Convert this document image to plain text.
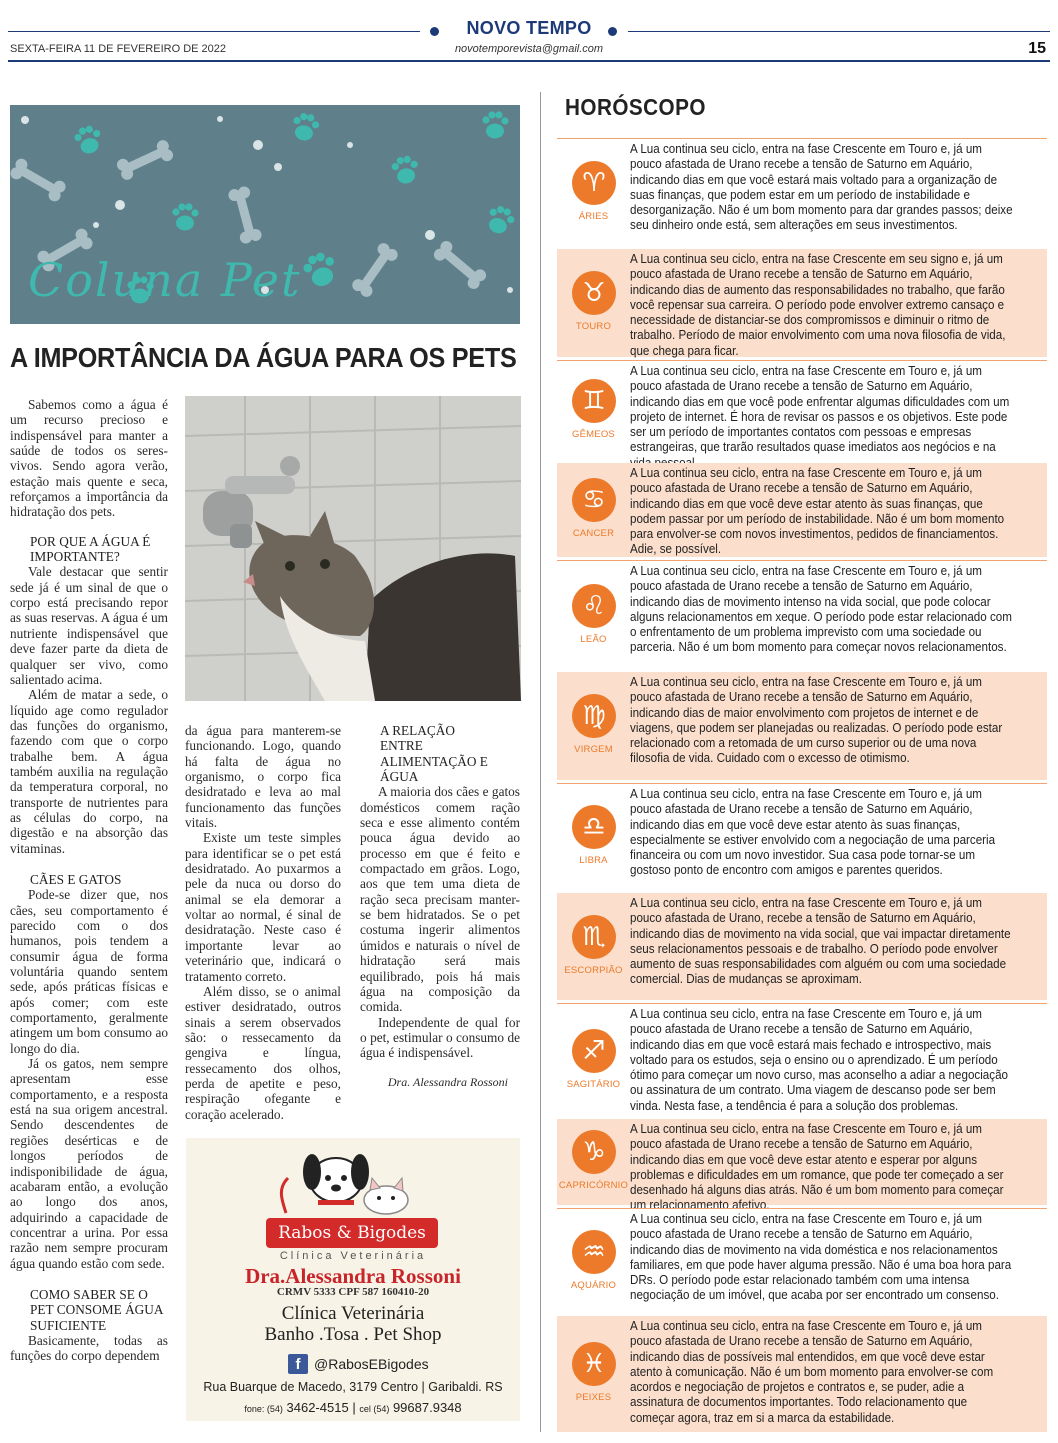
NOVO TEMPO
SEXTA-FEIRA 11 DE FEVEREIRO DE 2022	novotemporevista@gmail.com	15
Coluna Pet
A IMPORTÂNCIA DA ÁGUA PARA OS PETS

Sabemos como a água é um recurso precioso e indispensável para manter a saúde de todos os seres-vivos. Sendo agora verão, estação mais quente e seca, reforçamos a importância da hidratação dos pets.

POR QUE A ÁGUA É IMPORTANTE?

Vale destacar que sentir sede já é um sinal de que o corpo está precisando repor as suas reservas. A água é um nutriente indispensável que deve fazer parte da dieta de qualquer ser vivo, como salientado acima.

Além de matar a sede, o líquido age como regulador das funções do organismo, fazendo com que o corpo trabalhe bem. A água também auxilia na regulação da temperatura corporal, no transporte de nutrientes para as células do corpo, na digestão e na absorção das vitaminas.

CÃES E GATOS

Pode-se dizer que, nos cães, seu comportamento é parecido com o dos humanos, pois tendem a consumir água de forma voluntária quando sentem sede, após práticas físicas e após comer; com este comportamento, geralmente atingem um bom consumo ao longo do dia.

Já os gatos, nem sempre apresentam esse comportamento, e a resposta está na sua origem ancestral. Sendo descendentes de regiões desérticas e de longos períodos de indisponibilidade de água, acabaram então, a evolução ao longo dos anos, adquirindo a capacidade de concentrar a urina. Por essa razão nem sempre procuram água quando estão com sede.

COMO SABER SE O PET CONSOME ÁGUA SUFICIENTE

Basicamente, todas as funções do corpo dependem

da água para manterem-se funcionando. Logo, quando há falta de água no organismo, o corpo fica desidratado e leva ao mal funcionamento das funções vitais.

Existe um teste simples para identificar se o pet está desidratado. Ao puxarmos a pele da nuca ou dorso do animal se ela demorar a voltar ao normal, é sinal de desidratação. Neste caso é importante levar ao veterinário que, indicará o tratamento correto.

Além disso, se o animal estiver desidratado, outros sinais a serem observados são: o ressecamento da gengiva e língua, ressecamento dos olhos, perda de apetite e peso, respiração ofegante e coração acelerado.

A RELAÇÃO ENTRE ALIMENTAÇÃO E ÁGUA

A maioria dos cães e gatos domésticos comem ração seca e esse alimento contém pouca água devido ao processo em que é feito e compactado em grãos. Logo, aos que tem uma dieta de ração seca precisam manter-se bem hidratados. Se o pet costuma ingerir alimentos úmidos e naturais o nível de hidratação será mais equilibrado, pois há mais água na composição da comida.

Independente de qual for o pet, estimular o consumo de água é indispensável.

Dra. Alessandra Rossoni
Rabos & Bigodes
Clínica Veterinária
Dra.Alessandra Rossoni
CRMV 5333 CPF 587 160410-20
Clínica Veterinária
Banho .Tosa . Pet Shop
f @RabosEBigodes
Rua Buarque de Macedo, 3179 Centro | Garibaldi. RS
fone: (54) 3462-4515 | cel (54) 99687.9348
HORÓSCOPO
♈
ÁRIES
A Lua continua seu ciclo, entra na fase Crescente em Touro e, já um pouco afastada de Urano recebe a tensão de Saturno em Aquário, indicando dias em que você estará mais voltado para a organização de suas finanças, que podem estar em um período de instabilidade e desorganização. Não é um bom momento para dar grandes passos; deixe seu dinheiro onde está, sem alterações em seus investimentos.
♉
TOURO
A Lua continua seu ciclo, entra na fase Crescente em seu signo e, já um pouco afastada de Urano recebe a tensão de Saturno em Aquário, indicando dias de aumento das responsabilidades no trabalho, que farão você repensar sua carreira. O período pode envolver extremo cansaço e necessidade de distanciar-se dos compromissos e diminuir o ritmo de trabalho. Período de maior envolvimento com uma nova filosofia de vida, que chega para ficar.
♊
GÊMEOS
A Lua continua seu ciclo, entra na fase Crescente em Touro e, já um pouco afastada de Urano recebe a tensão de Saturno em Aquário, indicando dias em que você pode enfrentar algumas dificuldades com um projeto de internet. É hora de revisar os passos e os objetivos. Este pode ser um período de importantes contatos com pessoas e empresas estrangeiras, que trarão resultados quase imediatos aos negócios e na
♋
CANCER
A Lua continua seu ciclo, entra na fase Crescente em Touro e, já um pouco afastada de Urano recebe a tensão de Saturno em Aquário, indicando dias em que você deve estar atento às suas finanças, que podem passar por um período de instabilidade. Não é um bom momento para envolver-se com novos investimentos, pedidos de financiamentos. Adie, se possível.
♌
LEÃO
A Lua continua seu ciclo, entra na fase Crescente em Touro e, já um pouco afastada de Urano recebe a tensão de Saturno em Aquário, indicando dias de movimento intenso na vida social, que pode colocar alguns relacionamentos em xeque. O período pode estar relacionado com o enfrentamento de um problema imprevisto com uma sociedade ou parceria. Não é um bom momento para começar novos relacionamentos.
♍
VIRGEM
A Lua continua seu ciclo, entra na fase Crescente em Touro e, já um pouco afastada de Urano recebe a tensão de Saturno em Aquário, indicando dias de maior envolvimento com projetos de internet e de viagens, que podem ser planejadas ou realizadas. O período pode estar relacionado com a retomada de um curso superior ou de uma nova filosofia de vida. Cuidado com o excesso de otimismo.
♎
LIBRA
A Lua continua seu ciclo, entra na fase Crescente em Touro e, já um pouco afastada de Urano recebe a tensão de Saturno em Aquário, indicando dias em que você deve estar atento às suas finanças, especialmente se estiver envolvido com a negociação de uma parceria financeira ou com um novo investidor. Sua casa pode tornar-se um gostoso ponto de encontro com amigos e parentes queridos.
♏
ESCORPIÃO
A Lua continua seu ciclo, entra na fase Crescente em Touro e, já um pouco afastada de Urano, recebe a tensão de Saturno em Aquário, indicando dias de movimento na vida social, que vai impactar diretamente seus relacionamentos pessoais e de trabalho. O período pode envolver aumento de suas responsabilidades com alguém ou com uma sociedade comercial. Dias de mudanças se aproximam.
♐
SAGITÁRIO
A Lua continua seu ciclo, entra na fase Crescente em Touro e, já um pouco afastada de Urano recebe a tensão de Saturno em Aquário, indicando dias em que você estará mais fechado e introspectivo, mais voltado para os estudos, seja o ensino ou o aprendizado. É um período ótimo para começar um novo curso, mas aconselho a adiar a negociação ou assinatura de um contrato. Uma viagem de descanso pode ser bem vinda. Nesta fase, a tendência é para a solução dos problemas.
♑
CAPRICÓRNIO
A Lua continua seu ciclo, entra na fase Crescente em Touro e, já um pouco afastada de Urano recebe a tensão de Saturno em Aquário, indicando dias em que você deve estar atento e esperar por alguns problemas e dificuldades em um romance, que pode ter começado a ser desenhado há alguns dias atrás. Não é um bom momento para começar um relacionamento afetivo.
♒
AQUÁRIO
A Lua continua seu ciclo, entra na fase Crescente em Touro e, já um pouco afastada de Urano recebe a tensão de Saturno em Aquário, indicando dias de movimento na vida doméstica e nos relacionamentos familiares, em que pode haver alguma pressão. Não é uma boa hora para DRs. O período pode estar relacionado também com uma intensa negociação de um imóvel, que acaba por ser encontrado um consenso.
♓
PEIXES
A Lua continua seu ciclo, entra na fase Crescente em Touro e, já um pouco afastada de Urano recebe a tensão de Saturno em Aquário, indicando dias de possíveis mal entendidos, em que você deve estar atento à comunicação. Não é um bom momento para envolver-se com acordos e negociação de projetos e contratos e, se puder, adie a assinatura de documentos importantes. Todo relacionamento que começar agora, traz em si a marca da estabilidade.
